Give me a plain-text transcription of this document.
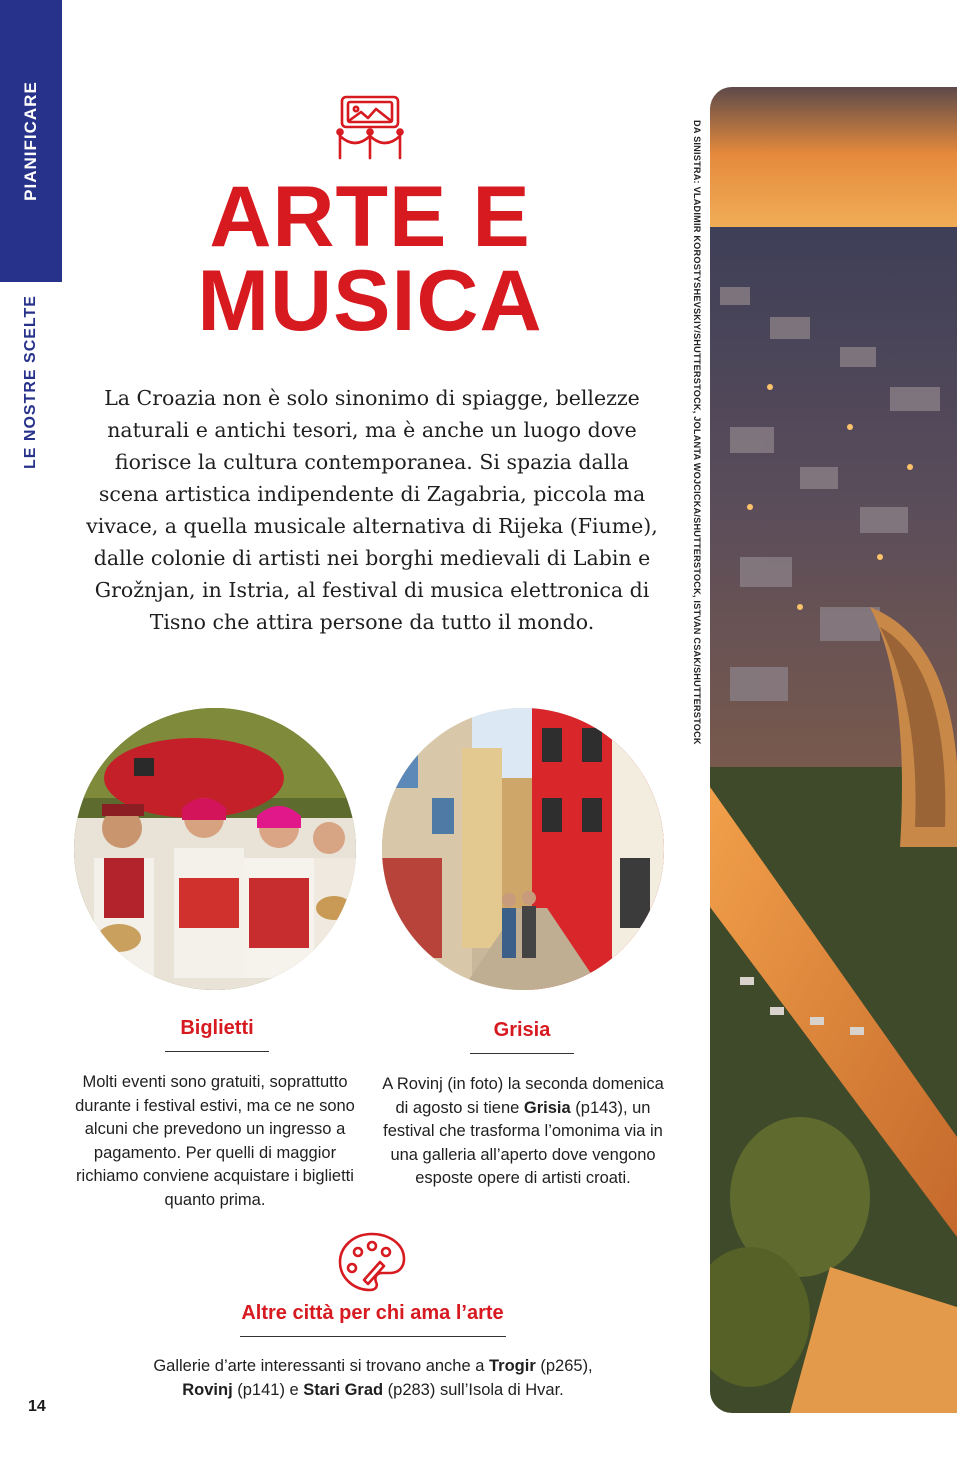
PIANIFICARE
LE NOSTRE SCELTE
ARTE E
MUSICA

La Croazia non è solo sinonimo di spiagge, bellezze naturali e antichi tesori, ma è anche un luogo dove fiorisce la cultura contemporanea. Si spazia dalla scena artistica indipendente di Zagabria, piccola ma vivace, a quella musicale alternativa di Rijeka (Fiume), dalle colonie di artisti nei borghi medievali di Labin e Grožnjan, in Istria, al festival di musica elettronica di Tisno che attira persone da tutto il mondo.

Biglietti
Molti eventi sono gratuiti, soprattutto durante i festival estivi, ma ce ne sono alcuni che prevedono un ingresso a pagamento. Per quelli di maggior richiamo conviene acquistare i biglietti quanto prima.
Grisia
A Rovinj (in foto) la seconda domenica di agosto si tiene Grisia (p143), un festival che trasforma l’omonima via in una galleria all’aperto dove vengono esposte opere di artisti croati.
Altre città per chi ama l’arte
Gallerie d’arte interessanti si trovano anche a Trogir (p265), Rovinj (p141) e Stari Grad (p283) sull’Isola di Hvar.
14
DA SINISTRA: VLADIMIR KOROSTYSHEVSKIY/SHUTTERSTOCK, JOLANTA WOJCICKA/SHUTTERSTOCK, ISTVAN CSAK/SHUTTERSTOCK
